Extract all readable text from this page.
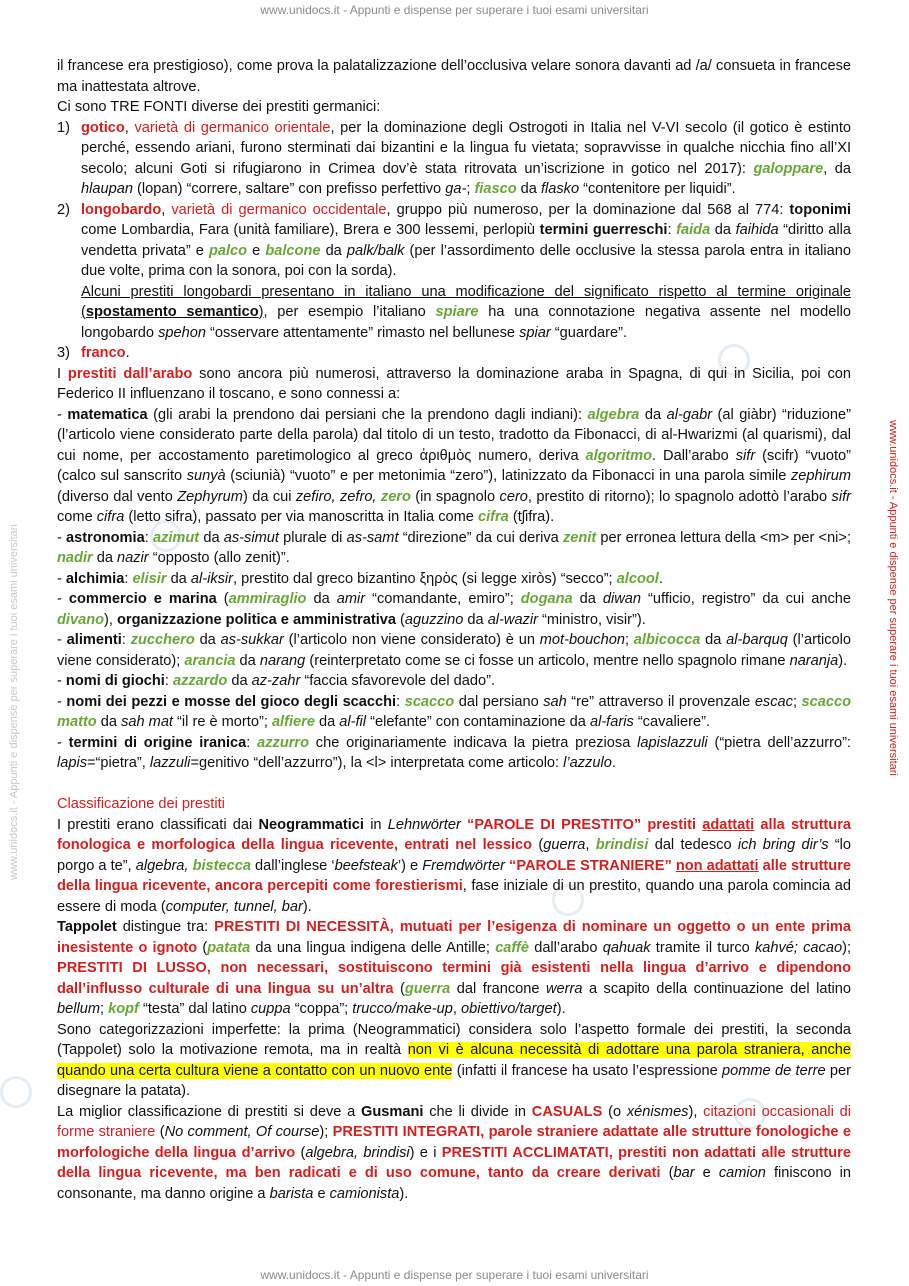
www.unidocs.it - Appunti e dispense per superare i tuoi esami universitari
www.unidocs.it - Appunti e dispense per superare i tuoi esami universitari	www.unidocs.it - Appunti e dispense per superare i tuoi esami universitari

il francese era prestigioso), come prova la palatalizzazione dell’occlusiva velare sonora davanti ad /a/ consueta in francese ma inattestata altrove.

Ci sono TRE FONTI diverse dei prestiti germanici:

1) gotico, varietà di germanico orientale, per la dominazione degli Ostrogoti in Italia nel V-VI secolo (il gotico è estinto perché, essendo ariani, furono sterminati dai bizantini e la lingua fu vietata; sopravvisse in qualche nicchia fino all’XI secolo; alcuni Goti si rifugiarono in Crimea dov’è stata ritrovata un’iscrizione in gotico nel 2017): galoppare, da hlaupan (lopan) “correre, saltare” con prefisso perfettivo ga-; fiasco da flasko “contenitore per liquidi”.
2) longobardo, varietà di germanico occidentale, gruppo più numeroso, per la dominazione dal 568 al 774: toponimi come Lombardia, Fara (unità familiare), Brera e 300 lessemi, perlopiù termini guerreschi: faida da faihida “diritto alla vendetta privata” e palco e balcone da palk/balk (per l’assordimento delle occlusive la stessa parola entra in italiano due volte, prima con la sonora, poi con la sorda).
Alcuni prestiti longobardi presentano in italiano una modificazione del significato rispetto al termine originale (spostamento semantico), per esempio l’italiano spiare ha una connotazione negativa assente nel modello longobardo spehon “osservare attentamente” rimasto nel bellunese spiar “guardare”.
3) franco.

I prestiti dall’arabo sono ancora più numerosi, attraverso la dominazione araba in Spagna, di qui in Sicilia, poi con Federico II influenzano il toscano, e sono connessi a:

- matematica (gli arabi la prendono dai persiani che la prendono dagli indiani): algebra da al-gabr (al giàbr) “riduzione” (l’articolo viene considerato parte della parola) dal titolo di un testo, tradotto da Fibonacci, di al-Hwarizmi (al quarismi), dal cui nome, per accostamento paretimologico al greco ἀριθμὸς numero, deriva algoritmo. Dall’arabo sifr (scifr) “vuoto” (calco sul sanscrito sunyà (sciunià) “vuoto” e per metonimia “zero”), latinizzato da Fibonacci in una parola simile zephirum (diverso dal vento Zephyrum) da cui zefiro, zefro, zero (in spagnolo cero, prestito di ritorno); lo spagnolo adottò l’arabo sifr come cifra (letto sifra), passato per via manoscritta in Italia come cifra (tʃifra).

- astronomia: azimut da as-simut plurale di as-samt “direzione” da cui deriva zenit per erronea lettura della <m> per <ni>; nadir da nazir “opposto (allo zenit)”.

- alchimia: elisir da al-iksir, prestito dal greco bizantino ξηρὸς (si legge xiròs) “secco”; alcool.

- commercio e marina (ammiraglio da amir “comandante, emiro”; dogana da diwan “ufficio, registro” da cui anche divano), organizzazione politica e amministrativa (aguzzino da al-wazir “ministro, visir”).

- alimenti: zucchero da as-sukkar (l’articolo non viene considerato) è un mot-bouchon; albicocca da al-barquq (l’articolo viene considerato); arancia da narang (reinterpretato come se ci fosse un articolo, mentre nello spagnolo rimane naranja).

- nomi di giochi: azzardo da az-zahr “faccia sfavorevole del dado”.

- nomi dei pezzi e mosse del gioco degli scacchi: scacco dal persiano sah “re” attraverso il provenzale escac; scacco matto da sah mat “il re è morto”; alfiere da al-fil “elefante” con contaminazione da al-faris “cavaliere”.

- termini di origine iranica: azzurro che originariamente indicava la pietra preziosa lapislazzuli (“pietra dell’azzurro”: lapis=“pietra”, lazzuli=genitivo “dell’azzurro”), la <l> interpretata come articolo: l’azzulo.

Classificazione dei prestiti

I prestiti erano classificati dai Neogrammatici in Lehnwörter “PAROLE DI PRESTITO” prestiti adattati alla struttura fonologica e morfologica della lingua ricevente, entrati nel lessico (guerra, brindisi dal tedesco ich bring dir’s “lo porgo a te”, algebra, bistecca dall’inglese ‘beefsteak’) e Fremdwörter “PAROLE STRANIERE” non adattati alle strutture della lingua ricevente, ancora percepiti come forestierismi, fase iniziale di un prestito, quando una parola comincia ad essere di moda (computer, tunnel, bar).

Tappolet distingue tra: PRESTITI DI NECESSITÀ, mutuati per l’esigenza di nominare un oggetto o un ente prima inesistente o ignoto (patata da una lingua indigena delle Antille; caffè dall’arabo qahuak tramite il turco kahvé; cacao); PRESTITI DI LUSSO, non necessari, sostituiscono termini già esistenti nella lingua d’arrivo e dipendono dall’influsso culturale di una lingua su un’altra (guerra dal francone werra a scapito della continuazione del latino bellum; kopf “testa” dal latino cuppa “coppa”; trucco/make-up, obiettivo/target).

Sono categorizzazioni imperfette: la prima (Neogrammatici) considera solo l’aspetto formale dei prestiti, la seconda (Tappolet) solo la motivazione remota, ma in realtà non vi è alcuna necessità di adottare una parola straniera, anche quando una certa cultura viene a contatto con un nuovo ente (infatti il francese ha usato l’espressione pomme de terre per disegnare la patata).

La miglior classificazione di prestiti si deve a Gusmani che li divide in CASUALS (o xénismes), citazioni occasionali di forme straniere (No comment, Of course); PRESTITI INTEGRATI, parole straniere adattate alle strutture fonologiche e morfologiche della lingua d’arrivo (algebra, brindisi) e i PRESTITI ACCLIMATATI, prestiti non adattati alle strutture della lingua ricevente, ma ben radicati e di uso comune, tanto da creare derivati (bar e camion finiscono in consonante, ma danno origine a barista e camionista).

www.unidocs.it - Appunti e dispense per superare i tuoi esami universitari
